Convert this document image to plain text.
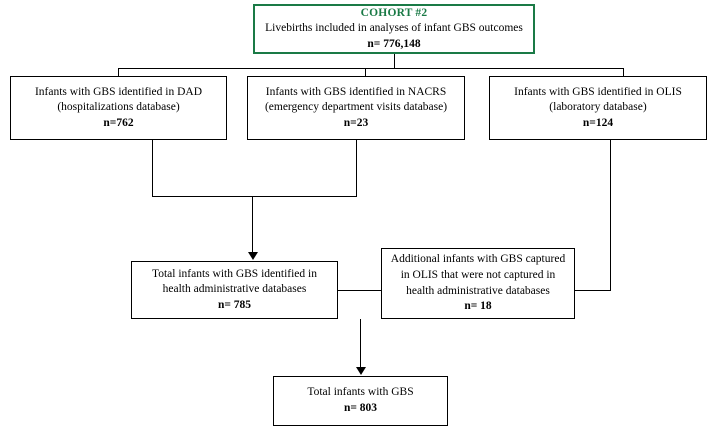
COHORT #2
Livebirths included in analyses of infant GBS outcomes
n= 776,148
Infants with GBS identified in DAD
(hospitalizations database)
n=762
Infants with GBS identified in NACRS
(emergency department visits database)
n=23
Infants with GBS identified in OLIS
(laboratory database)
n=124
Total infants with GBS identified in
health administrative databases
n= 785
Additional infants with GBS captured
in OLIS that were not captured in
health administrative databases
n= 18
Total infants with GBS
n= 803
